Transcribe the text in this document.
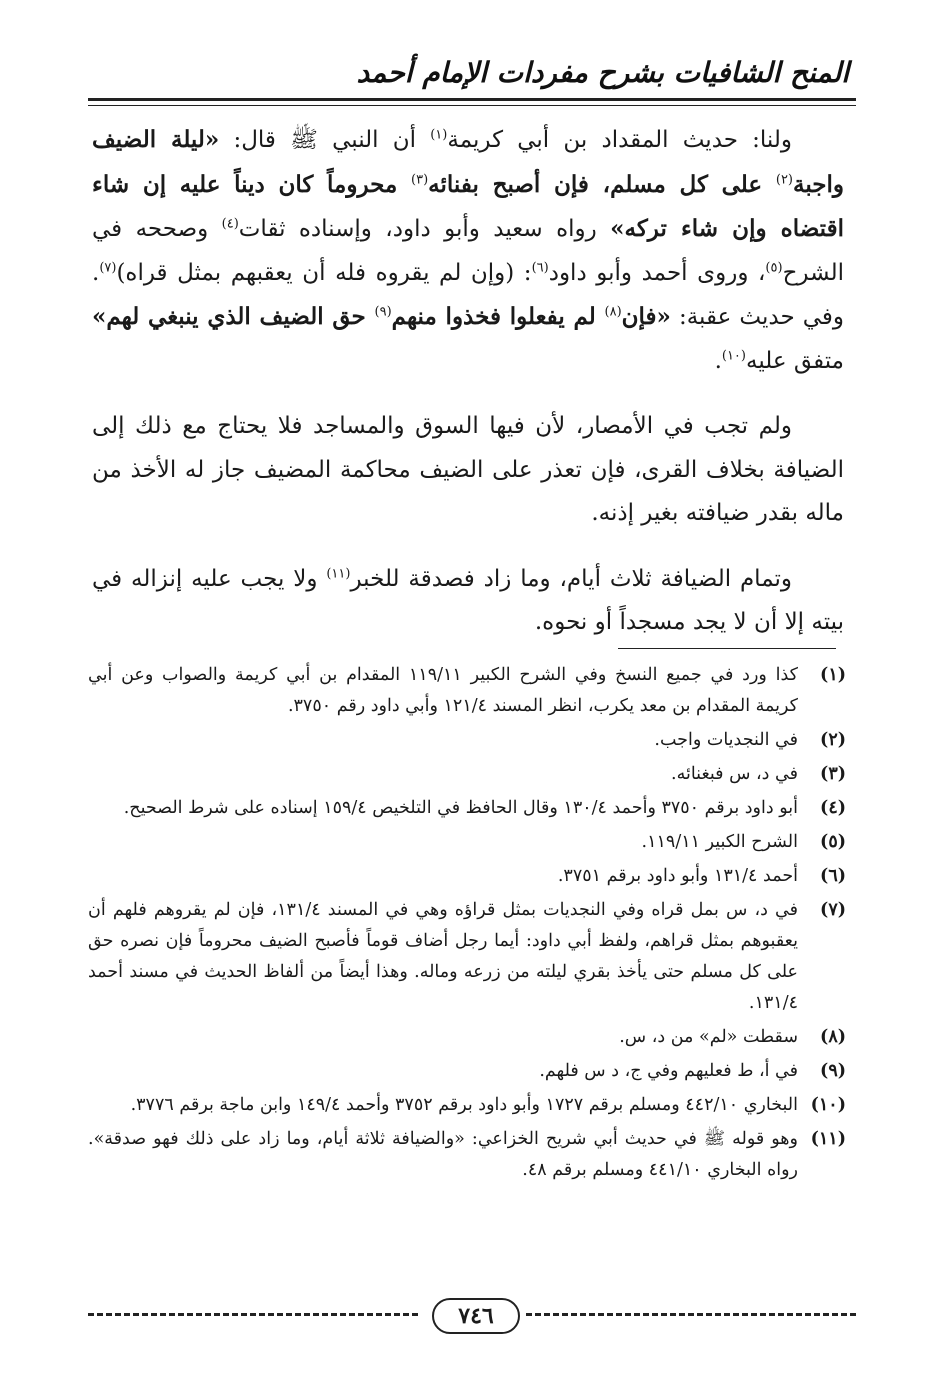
المنح الشافيات بشرح مفردات الإمام أحمد

ولنا: حديث المقداد بن أبي كريمة$^{(١)}$ أن النبي ﷺ قال: «ليلة الضيف واجبة$^{(٢)}$ على كل مسلم، فإن أصبح بفنائه$^{(٣)}$ محروماً كان ديناً عليه إن شاء اقتضاه وإن شاء تركه» رواه سعيد وأبو داود، وإسناده ثقات$^{(٤)}$ وصححه في الشرح$^{(٥)}$، وروى أحمد وأبو داود$^{(٦)}$: (وإن لم يقروه فله أن يعقبهم بمثل قراه)$^{(٧)}$. وفي حديث عقبة: «فإن$^{(٨)}$ لم يفعلوا فخذوا منهم$^{(٩)}$ حق الضيف الذي ينبغي لهم» متفق عليه$^{(١٠)}$.

ولم تجب في الأمصار، لأن فيها السوق والمساجد فلا يحتاج مع ذلك إلى الضيافة بخلاف القرى، فإن تعذر على الضيف محاكمة المضيف جاز له الأخذ من ماله بقدر ضيافته بغير إذنه.

وتمام الضيافة ثلاث أيام، وما زاد فصدقة للخبر$^{(١١)}$ ولا يجب عليه إنزاله في بيته إلا أن لا يجد مسجداً أو نحوه.

(١)
كذا ورد في جميع النسخ وفي الشرح الكبير ١١٩/١١ المقدام بن أبي كريمة والصواب وعن أبي كريمة المقدام بن معد يكرب، انظر المسند ١٢١/٤ وأبي داود رقم ٣٧٥٠.
(٢)
في النجديات واجب.
(٣)
في د، س فبغنائه.
(٤)
أبو داود برقم ٣٧٥٠ وأحمد ١٣٠/٤ وقال الحافظ في التلخيص ١٥٩/٤ إسناده على شرط الصحيح.
(٥)
الشرح الكبير ١١٩/١١.
(٦)
أحمد ١٣١/٤ وأبو داود برقم ٣٧٥١.
(٧)
في د، س بمل قراه وفي النجديات بمثل قراؤه وهي في المسند ١٣١/٤، فإن لم يقروهم فلهم أن يعقبوهم بمثل قراهم، ولفظ أبي داود: أيما رجل أضاف قوماً فأصبح الضيف محروماً فإن نصره حق على كل مسلم حتى يأخذ بقري ليلته من زرعه وماله. وهذا أيضاً من ألفاظ الحديث في مسند أحمد ١٣١/٤.
(٨)
سقطت «لم» من د، س.
(٩)
في أ، ط فعليهم وفي ج، د س فلهم.
(١٠)
البخاري ٤٤٢/١٠ ومسلم برقم ١٧٢٧ وأبو داود برقم ٣٧٥٢ وأحمد ١٤٩/٤ وابن ماجة برقم ٣٧٧٦.
(١١)
وهو قوله ﷺ في حديث أبي شريح الخزاعي: «والضيافة ثلاثة أيام، وما زاد على ذلك فهو صدقة». رواه البخاري ٤٤١/١٠ ومسلم برقم ٤٨.
٧٤٦
